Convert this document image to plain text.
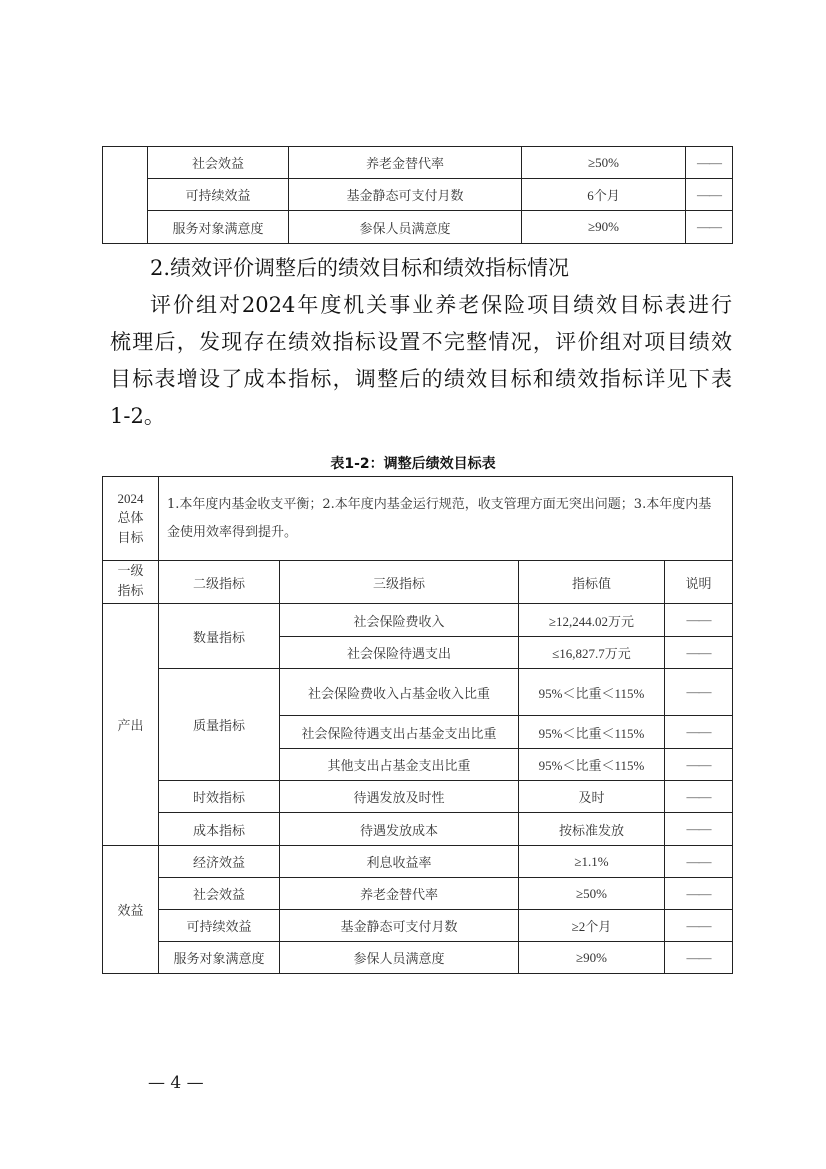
	社会效益	养老金替代率	≥50%	——
	可持续效益	基金静态可支付月数	6个月	——
	服务对象满意度	参保人员满意度	≥90%	——
2.绩效评价调整后的绩效目标和绩效指标情况
评价组对2024年度机关事业养老保险项目绩效目标表进行
梳理后，发现存在绩效指标设置不完整情况，评价组对项目绩效
目标表增设了成本指标，调整后的绩效目标和绩效指标详见下表
1-2。
表1-2：调整后绩效目标表
2024
总体
目标	1.本年度内基金收支平衡；2.本年度内基金运行规范，收支管理方面无突出问题；3.本年度内基金使用效率得到提升。			

一级
指标	二级指标	三级指标	指标值	说明
产出	数量指标	社会保险费收入	≥12,244.02万元	——
		社会保险待遇支出	≤16,827.7万元	——
	质量指标	社会保险费收入占基金收入比重	95%＜比重＜115%	——
		社会保险待遇支出占基金支出比重	95%＜比重＜115%	——
		其他支出占基金支出比重	95%＜比重＜115%	——
	时效指标	待遇发放及时性	及时	——
	成本指标	待遇发放成本	按标准发放	——
效益	经济效益	利息收益率	≥1.1%	——
	社会效益	养老金替代率	≥50%	——
	可持续效益	基金静态可支付月数	≥2个月	——
	服务对象满意度	参保人员满意度	≥90%	——
— 4 —
